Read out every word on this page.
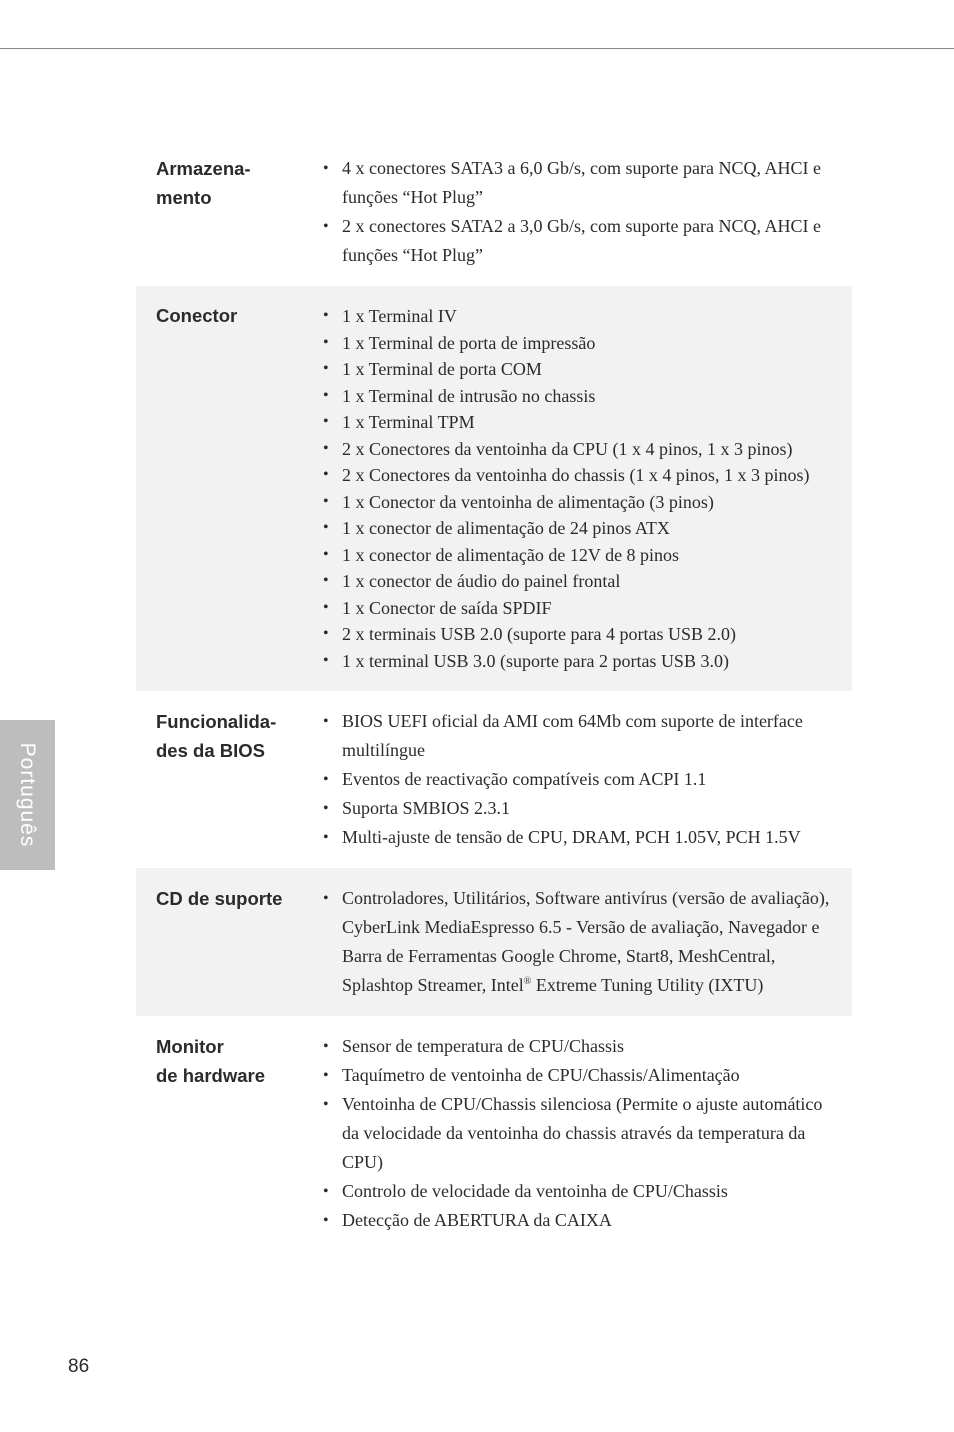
Português
Armazena-
mento
• 4 x conectores SATA3 a 6,0 Gb/s, com suporte para NCQ, AHCI e funções “Hot Plug”
• 2 x conectores SATA2 a 3,0 Gb/s, com suporte para NCQ, AHCI e funções “Hot Plug”
Conector	• 1 x Terminal IV
• 1 x Terminal de porta de impressão
• 1 x Terminal de porta COM
• 1 x Terminal de intrusão no chassis
• 1 x Terminal TPM
• 2 x Conectores da ventoinha da CPU (1 x 4 pinos, 1 x 3 pinos)
• 2 x Conectores da ventoinha do chassis (1 x 4 pinos, 1 x 3 pinos)
• 1 x Conector da ventoinha de alimentação (3 pinos)
• 1 x conector de alimentação de 24 pinos ATX
• 1 x conector de alimentação de 12V de 8 pinos
• 1 x conector de áudio do painel frontal
• 1 x Conector de saída SPDIF
• 2 x terminais USB 2.0 (suporte para 4 portas USB 2.0)
• 1 x terminal USB 3.0 (suporte para 2 portas USB 3.0)
Funcionalida-
des da BIOS
• BIOS UEFI oficial da AMI com 64Mb com suporte de interface multilíngue
• Eventos de reactivação compatíveis com ACPI 1.1
• Suporta SMBIOS 2.3.1
• Multi-ajuste de tensão de CPU, DRAM, PCH 1.05V, PCH 1.5V
CD de suporte	• Controladores, Utilitários, Software antivírus (versão de avaliação), CyberLink MediaEspresso 6.5 - Versão de avaliação, Navegador e Barra de Ferramentas Google Chrome, Start8, MeshCentral, Splashtop Streamer, Intel® Extreme Tuning Utility (IXTU)
Monitor
de hardware
• Sensor de temperatura de CPU/Chassis
• Taquímetro de ventoinha de CPU/Chassis/Alimentação
• Ventoinha de CPU/Chassis silenciosa (Permite o ajuste automático da velocidade da ventoinha do chassis através da temperatura da CPU)
• Controlo de velocidade da ventoinha de CPU/Chassis
• Detecção de ABERTURA da CAIXA
86
